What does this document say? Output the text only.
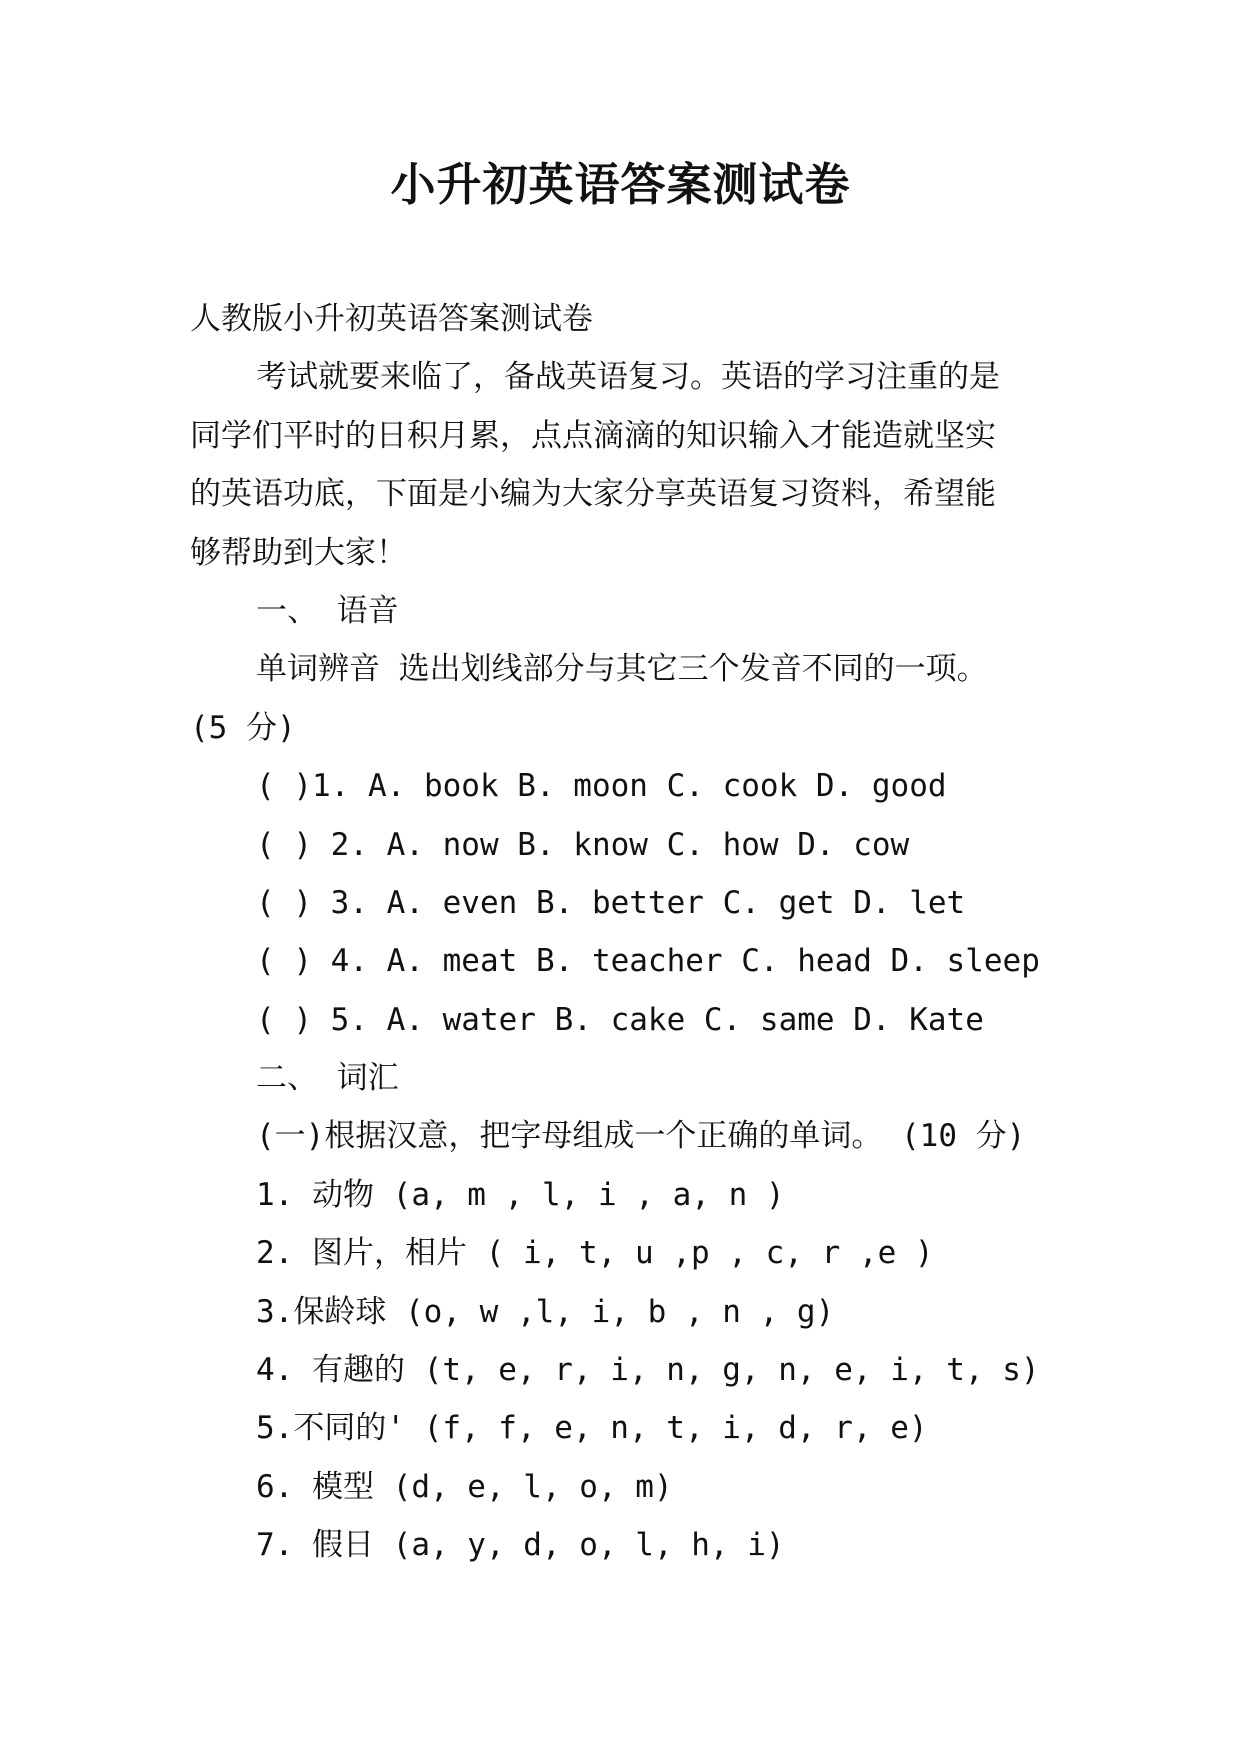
小升初英语答案测试卷

人教版小升初英语答案测试卷

考试就要来临了，备战英语复习。英语的学习注重的是

同学们平时的日积月累，点点滴滴的知识输入才能造就坚实

的英语功底，下面是小编为大家分享英语复习资料，希望能

够帮助到大家！

一、 语音

单词辨音 选出划线部分与其它三个发音不同的一项。

(5 分)

( )1. A. book B. moon C. cook D. good

( ) 2. A. now B. know C. how D. cow

( ) 3. A. even B. better C. get D. let

( ) 4. A. meat B. teacher C. head D. sleep

( ) 5. A. water B. cake C. same D. Kate

二、 词汇

(一)根据汉意，把字母组成一个正确的单词。 (10 分)

1. 动物 (a, m , l, i , a, n )

2. 图片，相片 ( i, t, u ,p , c, r ,e )

3.保龄球 (o, w ,l, i, b , n , g)

4. 有趣的 (t, e, r, i, n, g, n, e, i, t, s)

5.不同的' (f, f, e, n, t, i, d, r, e)

6. 模型 (d, e, l, o, m)

7. 假日 (a, y, d, o, l, h, i)
